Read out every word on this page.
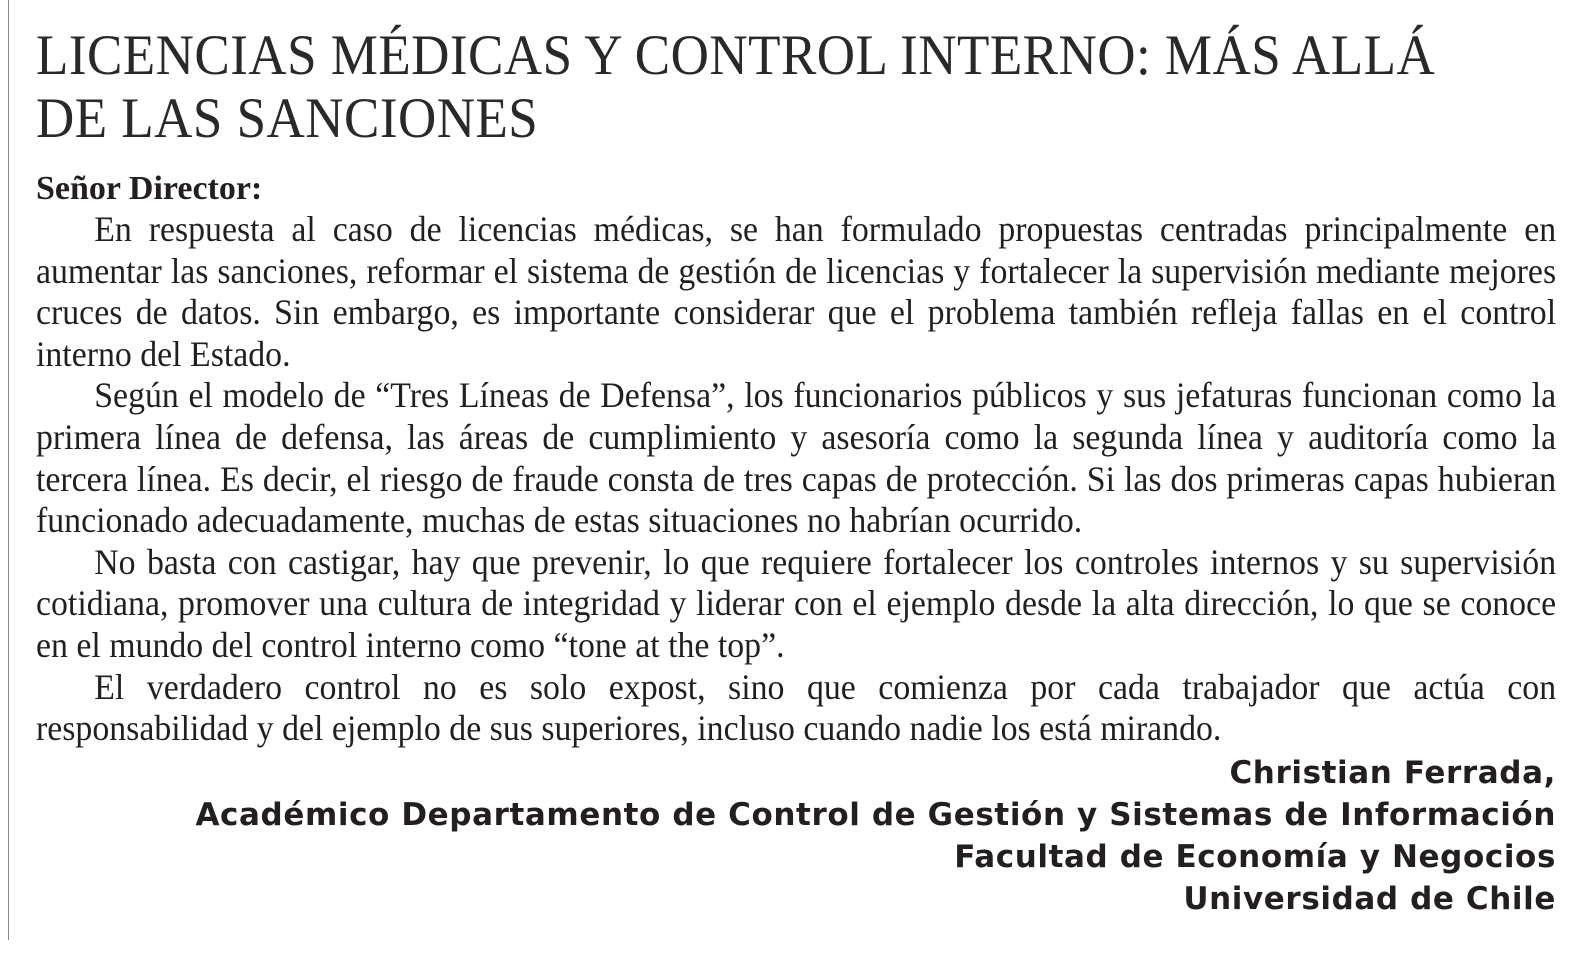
LICENCIAS MÉDICAS Y CONTROL INTERNO: MÁS ALLÁ DE LAS SANCIONES
Señor Director:

En respuesta al caso de licencias médicas, se han formulado propuestas centradas principalmente en aumentar las sanciones, reformar el sistema de gestión de licencias y fortalecer la supervisión mediante mejores cruces de datos. Sin embargo, es importante considerar que el problema también refleja fallas en el control interno del Estado.

Según el modelo de “Tres Líneas de Defensa”, los funcionarios públicos y sus jefaturas funcionan como la primera línea de defensa, las áreas de cumplimiento y asesoría como la segunda línea y auditoría como la tercera línea. Es decir, el riesgo de fraude consta de tres capas de protección. Si las dos primeras capas hubieran funcionado adecuadamente, muchas de estas situaciones no habrían ocurrido.

No basta con castigar, hay que prevenir, lo que requiere fortalecer los controles internos y su supervisión cotidiana, promover una cultura de integridad y liderar con el ejemplo desde la alta dirección, lo que se conoce en el mundo del control interno como “tone at the top”.

El verdadero control no es solo expost, sino que comienza por cada trabajador que actúa con responsabilidad y del ejemplo de sus superiores, incluso cuando nadie los está mirando.

Christian Ferrada,
Académico Departamento de Control de Gestión y Sistemas de Información
Facultad de Economía y Negocios
Universidad de Chile
